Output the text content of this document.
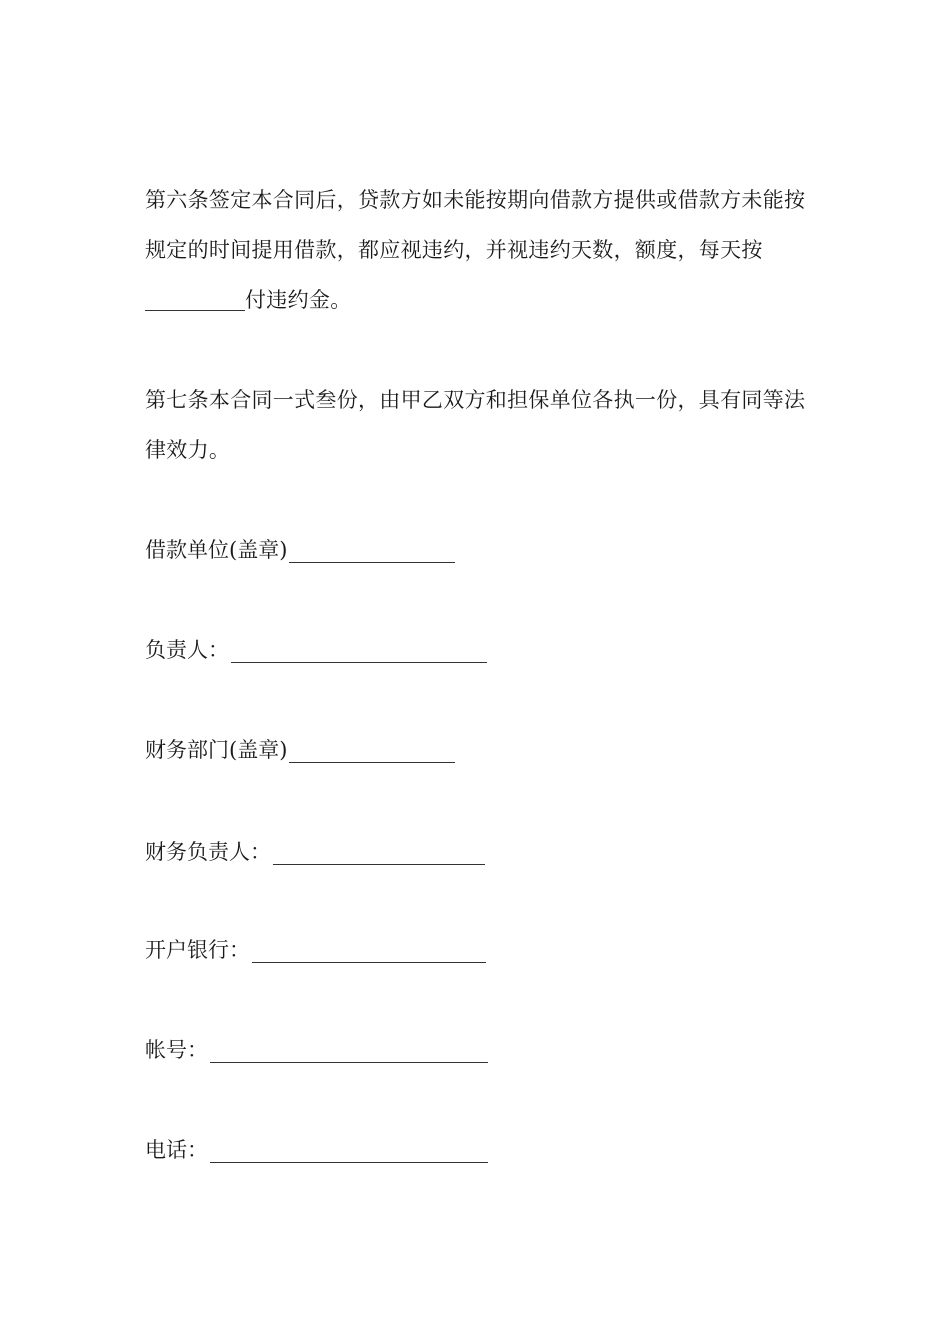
第六条签定本合同后，贷款方如未能按期向借款方提供或借款方未能按规定的时间提用借款，都应视违约，并视违约天数，额度，每天按付违约金。
第七条本合同一式叁份，由甲乙双方和担保单位各执一份，具有同等法律效力。
借款单位(盖章)
负责人：
财务部门(盖章)
财务负责人：
开户银行：
帐号：
电话：
